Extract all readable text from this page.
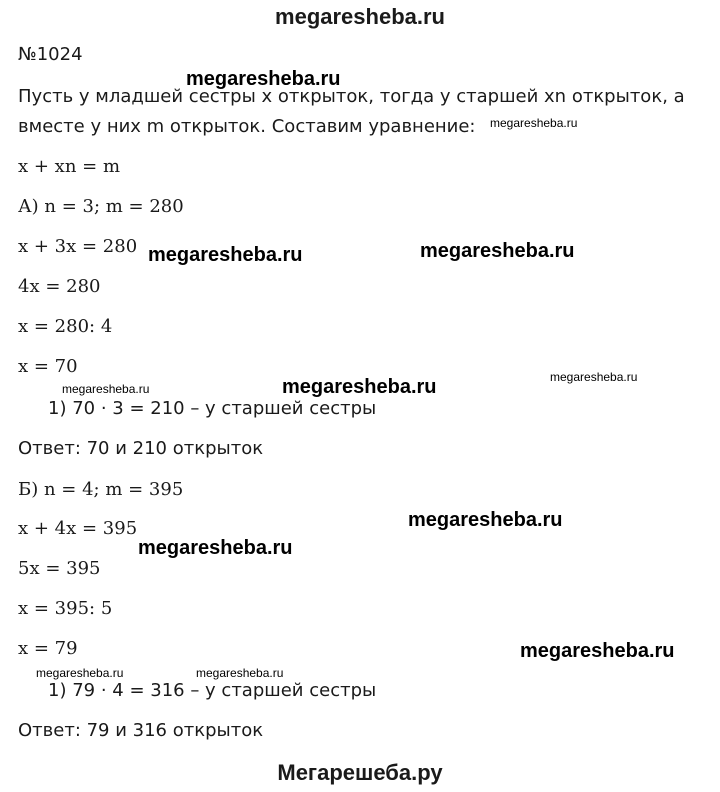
megaresheba.ru
№1024
Пусть у младшей сестры x открыток, тогда у старшей xn открыток, а
вместе у них m открыток. Составим уравнение:
x + xn = m
А) n = 3; m = 280
x + 3x = 280
4x = 280
x = 280: 4
x = 70
1) 70 · 3 = 210 – у старшей сестры
Ответ: 70 и 210 открыток
Б) n = 4; m = 395
x + 4x = 395
5x = 395
x = 395: 5
x = 79
1) 79 · 4 = 316 – у старшей сестры
Ответ: 79 и 316 открыток
megaresheba.ru
megaresheba.ru
megaresheba.ru	megaresheba.ru
megaresheba.ru	megaresheba.ru	megaresheba.ru
megaresheba.ru
megaresheba.ru
megaresheba.ru
megaresheba.ru	megaresheba.ru
Мегарешеба.ру
